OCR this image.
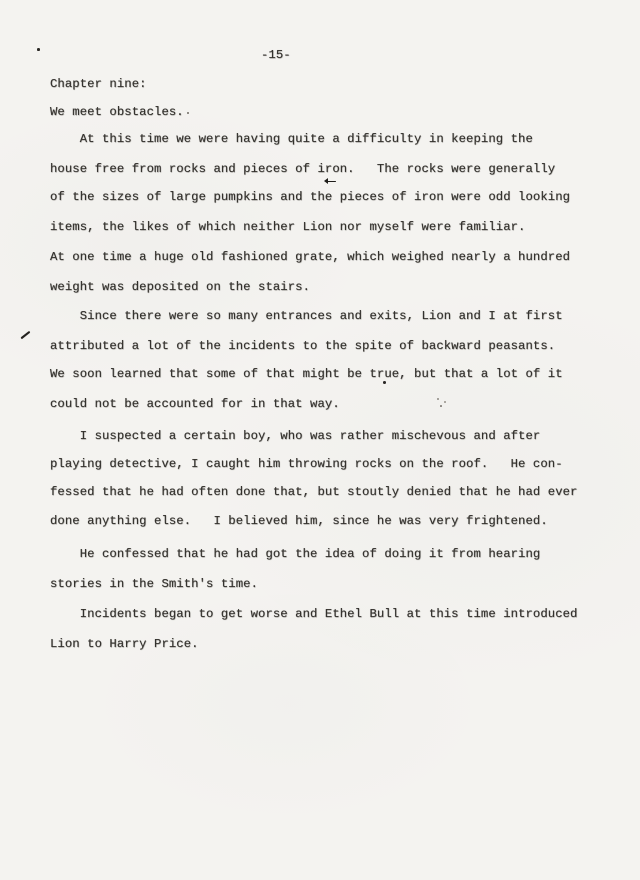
-15-
Chapter nine:
We meet obstacles.
At this time we were having quite a difficulty in keeping the
house free from rocks and pieces of iron.   The rocks were generally
of the sizes of large pumpkins and the pieces of iron were odd looking
items, the likes of which neither Lion nor myself were familiar.
At one time a huge old fashioned grate, which weighed nearly a hundred
weight was deposited on the stairs.
Since there were so many entrances and exits, Lion and I at first
attributed a lot of the incidents to the spite of backward peasants.
We soon learned that some of that might be true, but that a lot of it
could not be accounted for in that way.
I suspected a certain boy, who was rather mischevous and after
playing detective, I caught him throwing rocks on the roof.   He con-
fessed that he had often done that, but stoutly denied that he had ever
done anything else.   I believed him, since he was very frightened.
He confessed that he had got the idea of doing it from hearing
stories in the Smith's time.
Incidents began to get worse and Ethel Bull at this time introduced
Lion to Harry Price.
